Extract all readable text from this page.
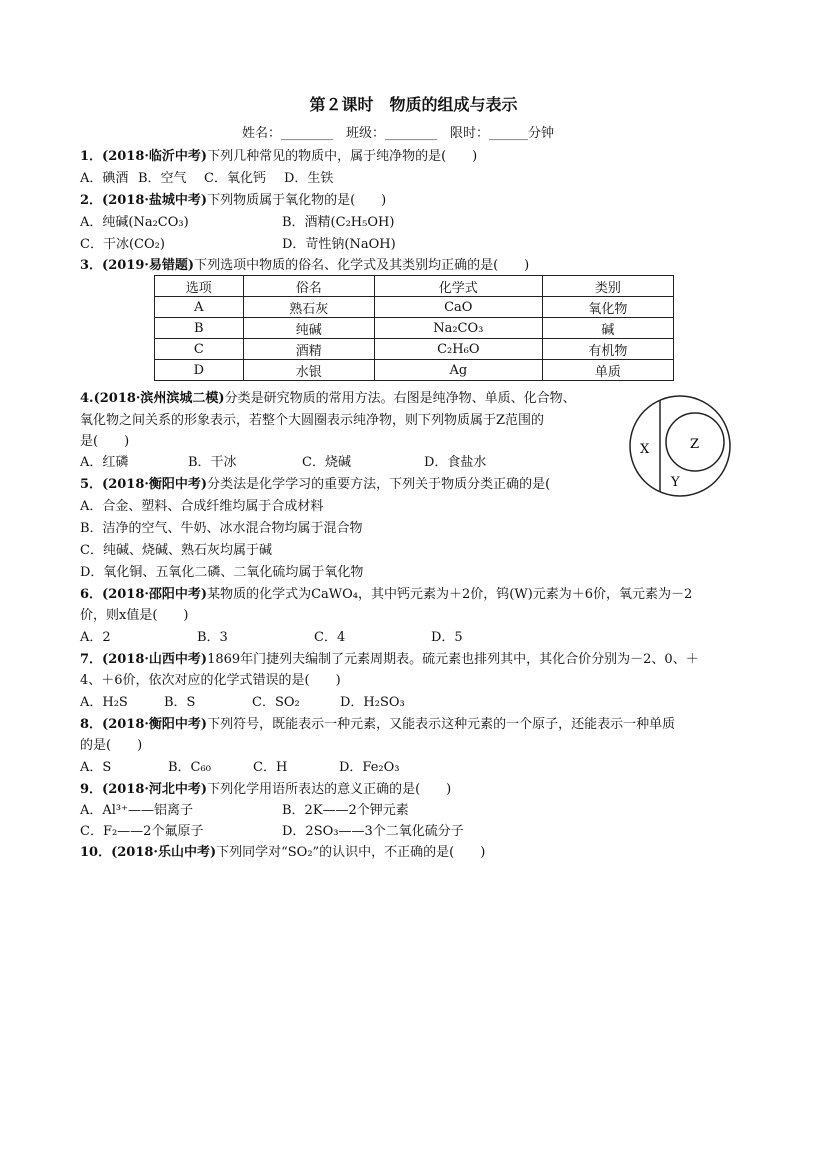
第２课时　物质的组成与表示
姓名：________　班级：________　限时：______分钟
1．(2018·临沂中考)下列几种常见的物质中，属于纯净物的是(　　)
A．碘酒 B．空气 C．氧化钙 D．生铁
2．(2018·盐城中考)下列物质属于氧化物的是(　　)
A．纯碱(Na₂CO₃)	B．酒精(C₂H₅OH)
C．干冰(CO₂)	D．苛性钠(NaOH)
3．(2019·易错题)下列选项中物质的俗名、化学式及其类别均正确的是(　　)
选项	俗名	化学式	类别
A	熟石灰	CaO	氧化物
B	纯碱	Na₂CO₃	碱
C	酒精	C₂H₆O	有机物
D	水银	Ag	单质
4.(2018·滨州滨城二模)分类是研究物质的常用方法。右图是纯净物、单质、化合物、
氧化物之间关系的形象表示，若整个大圆圈表示纯净物，则下列物质属于Z范围的
是(　　)
A．红磷	B．干冰	C．烧碱	D．食盐水
X	Z
Y
5．(2018·衡阳中考)分类法是化学学习的重要方法，下列关于物质分类正确的是(
A．合金、塑料、合成纤维均属于合成材料
B．洁净的空气、牛奶、冰水混合物均属于混合物
C．纯碱、烧碱、熟石灰均属于碱
D．氧化铜、五氧化二磷、二氧化硫均属于氧化物
6．(2018·邵阳中考)某物质的化学式为CaWO₄，其中钙元素为＋2价，钨(W)元素为＋6价，氧元素为－2
价，则x值是(　　)
A．2	B．3	C．4	D．5
7．(2018·山西中考)1869年门捷列夫编制了元素周期表。硫元素也排列其中，其化合价分别为－2、0、＋
4、＋6价，依次对应的化学式错误的是(　　)
A．H₂S	B．S	C．SO₂	D．H₂SO₃
8．(2018·衡阳中考)下列符号，既能表示一种元素，又能表示这种元素的一个原子，还能表示一种单质
的是(　　)
A．S	B．C₆₀	C．H	D．Fe₂O₃
9．(2018·河北中考)下列化学用语所表达的意义正确的是(　　)
A．Al³⁺——铝离子	B．2K——2个钾元素
C．F₂——2个氟原子	D．2SO₃——3个二氧化硫分子
10．(2018·乐山中考)下列同学对“SO₂”的认识中，不正确的是(　　)
